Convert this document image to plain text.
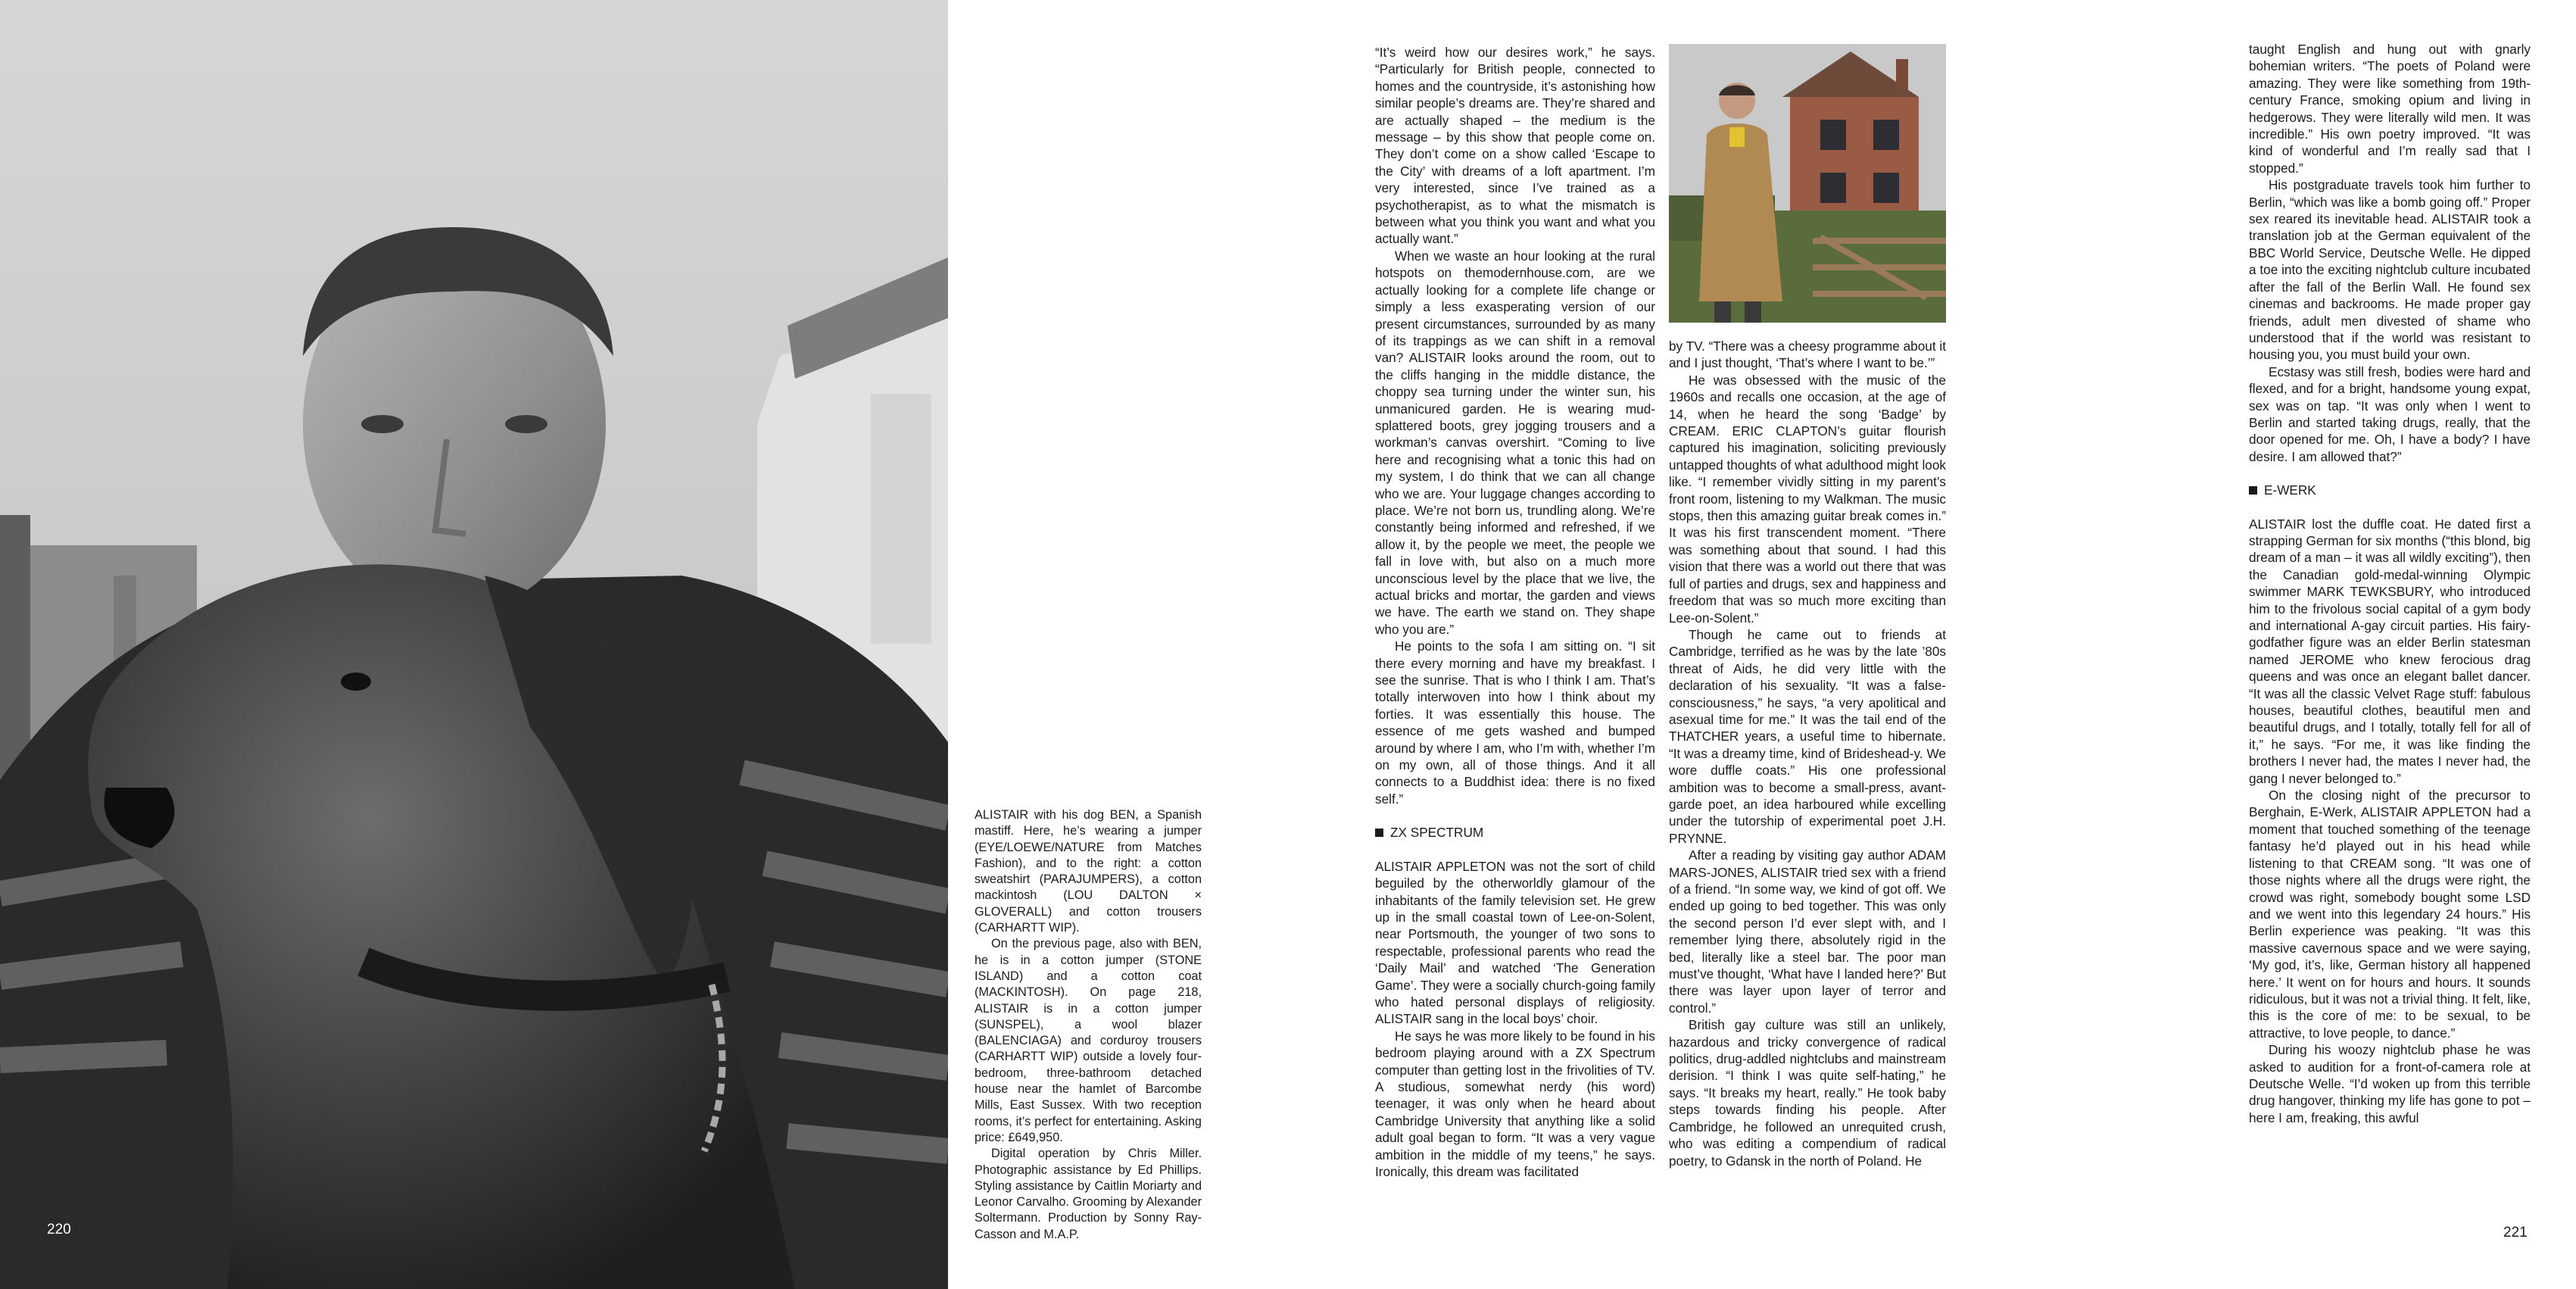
220

ALISTAIR with his dog BEN, a Spanish mastiff. Here, he’s wearing a jumper (EYE/LOEWE/NATURE from Matches Fashion), and to the right: a cotton sweatshirt (PARAJUMPERS), a cotton mackintosh (LOU DALTON × GLOVERALL) and cotton trousers (CARHARTT WIP).

On the previous page, also with BEN, he is in a cotton jumper (STONE ISLAND) and a cotton coat (MACKINTOSH). On page 218, ALISTAIR is in a cotton jumper (SUNSPEL), a wool blazer (BALENCIAGA) and corduroy trousers (CARHARTT WIP) outside a lovely four-bedroom, three-bathroom detached house near the hamlet of Barcombe Mills, East Sussex. With two reception rooms, it’s perfect for entertaining. Asking price: £649,950.

Digital operation by Chris Miller. Photographic assistance by Ed Phillips. Styling assistance by Caitlin Moriarty and Leonor Carvalho. Grooming by Alexander Soltermann. Production by Sonny Ray-Casson and M.A.P.

“It’s weird how our desires work,” he says. “Particularly for British people, connected to homes and the countryside, it’s astonishing how similar people’s dreams are. They’re shared and are actually shaped – the medium is the message – by this show that people come on. They don’t come on a show called ‘Escape to the City’ with dreams of a loft apartment. I’m very interested, since I’ve trained as a psychotherapist, as to what the mismatch is between what you think you want and what you actually want.”

When we waste an hour looking at the rural hotspots on themodernhouse.com, are we actually looking for a complete life change or simply a less exasperating version of our present circumstances, surrounded by as many of its trappings as we can shift in a removal van? ALISTAIR looks around the room, out to the cliffs hanging in the middle distance, the choppy sea turning under the winter sun, his unmanicured garden. He is wearing mud-splattered boots, grey jogging trousers and a workman’s canvas overshirt. “Coming to live here and recognising what a tonic this had on my system, I do think that we can all change who we are. Your luggage changes according to place. We’re not born us, trundling along. We’re constantly being informed and refreshed, if we allow it, by the people we meet, the people we fall in love with, but also on a much more unconscious level by the place that we live, the actual bricks and mortar, the garden and views we have. The earth we stand on. They shape who you are.”

He points to the sofa I am sitting on. “I sit there every morning and have my breakfast. I see the sunrise. That is who I think I am. That’s totally interwoven into how I think about my forties. It was essentially this house. The essence of me gets washed and bumped around by where I am, who I’m with, whether I’m on my own, all of those things. And it all connects to a Buddhist idea: there is no fixed self.”

ZX SPECTRUM

ALISTAIR APPLETON was not the sort of child beguiled by the otherworldly glamour of the inhabitants of the family television set. He grew up in the small coastal town of Lee-on-Solent, near Portsmouth, the younger of two sons to respectable, professional parents who read the ‘Daily Mail’ and watched ‘The Generation Game’. They were a socially church-going family who hated personal displays of religiosity. ALISTAIR sang in the local boys’ choir.

He says he was more likely to be found in his bedroom playing around with a ZX Spectrum computer than getting lost in the frivolities of TV. A studious, somewhat nerdy (his word) teenager, it was only when he heard about Cambridge University that anything like a solid adult goal began to form. “It was a very vague ambition in the middle of my teens,” he says. Ironically, this dream was facilitated

by TV. “There was a cheesy programme about it and I just thought, ‘That’s where I want to be.’”

He was obsessed with the music of the 1960s and recalls one occasion, at the age of 14, when he heard the song ‘Badge’ by CREAM. ERIC CLAPTON’s guitar flourish captured his imagination, soliciting previously untapped thoughts of what adulthood might look like. “I remember vividly sitting in my parent’s front room, listening to my Walkman. The music stops, then this amazing guitar break comes in.” It was his first transcendent moment. “There was something about that sound. I had this vision that there was a world out there that was full of parties and drugs, sex and happiness and freedom that was so much more exciting than Lee-on-Solent.”

Though he came out to friends at Cambridge, terrified as he was by the late ’80s threat of Aids, he did very little with the declaration of his sexuality. “It was a false-consciousness,” he says, “a very apolitical and asexual time for me.” It was the tail end of the THATCHER years, a useful time to hibernate. “It was a dreamy time, kind of Brideshead-y. We wore duffle coats.” His one professional ambition was to become a small-press, avant-garde poet, an idea harboured while excelling under the tutorship of experimental poet J.H. PRYNNE.

After a reading by visiting gay author ADAM MARS-JONES, ALISTAIR tried sex with a friend of a friend. “In some way, we kind of got off. We ended up going to bed together. This was only the second person I’d ever slept with, and I remember lying there, absolutely rigid in the bed, literally like a steel bar. The poor man must’ve thought, ‘What have I landed here?’ But there was layer upon layer of terror and control.”

British gay culture was still an unlikely, hazardous and tricky convergence of radical politics, drug-addled nightclubs and mainstream derision. “I think I was quite self-hating,” he says. “It breaks my heart, really.” He took baby steps towards finding his people. After Cambridge, he followed an unrequited crush, who was editing a compendium of radical poetry, to Gdansk in the north of Poland. He

taught English and hung out with gnarly bohemian writers. “The poets of Poland were amazing. They were like something from 19th-century France, smoking opium and living in hedgerows. They were literally wild men. It was incredible.” His own poetry improved. “It was kind of wonderful and I’m really sad that I stopped.”

His postgraduate travels took him further to Berlin, “which was like a bomb going off.” Proper sex reared its inevitable head. ALISTAIR took a translation job at the German equivalent of the BBC World Service, Deutsche Welle. He dipped a toe into the exciting nightclub culture incubated after the fall of the Berlin Wall. He found sex cinemas and backrooms. He made proper gay friends, adult men divested of shame who understood that if the world was resistant to housing you, you must build your own.

Ecstasy was still fresh, bodies were hard and flexed, and for a bright, handsome young expat, sex was on tap. “It was only when I went to Berlin and started taking drugs, really, that the door opened for me. Oh, I have a body? I have desire. I am allowed that?”

E-WERK

ALISTAIR lost the duffle coat. He dated first a strapping German for six months (“this blond, big dream of a man – it was all wildly exciting”), then the Canadian gold-medal-winning Olympic swimmer MARK TEWKSBURY, who introduced him to the frivolous social capital of a gym body and international A-gay circuit parties. His fairy-godfather figure was an elder Berlin statesman named JEROME who knew ferocious drag queens and was once an elegant ballet dancer. “It was all the classic Velvet Rage stuff: fabulous houses, beautiful clothes, beautiful men and beautiful drugs, and I totally, totally fell for all of it,” he says. “For me, it was like finding the brothers I never had, the mates I never had, the gang I never belonged to.”

On the closing night of the precursor to Berghain, E-Werk, ALISTAIR APPLETON had a moment that touched something of the teenage fantasy he’d played out in his head while listening to that CREAM song. “It was one of those nights where all the drugs were right, the crowd was right, somebody bought some LSD and we went into this legendary 24 hours.” His Berlin experience was peaking. “It was this massive cavernous space and we were saying, ‘My god, it’s, like, German history all happened here.’ It went on for hours and hours. It sounds ridiculous, but it was not a trivial thing. It felt, like, this is the core of me: to be sexual, to be attractive, to love people, to dance.”

During his woozy nightclub phase he was asked to audition for a front-of-camera role at Deutsche Welle. “I’d woken up from this terrible drug hangover, thinking my life has gone to pot – here I am, freaking, this awful

221
